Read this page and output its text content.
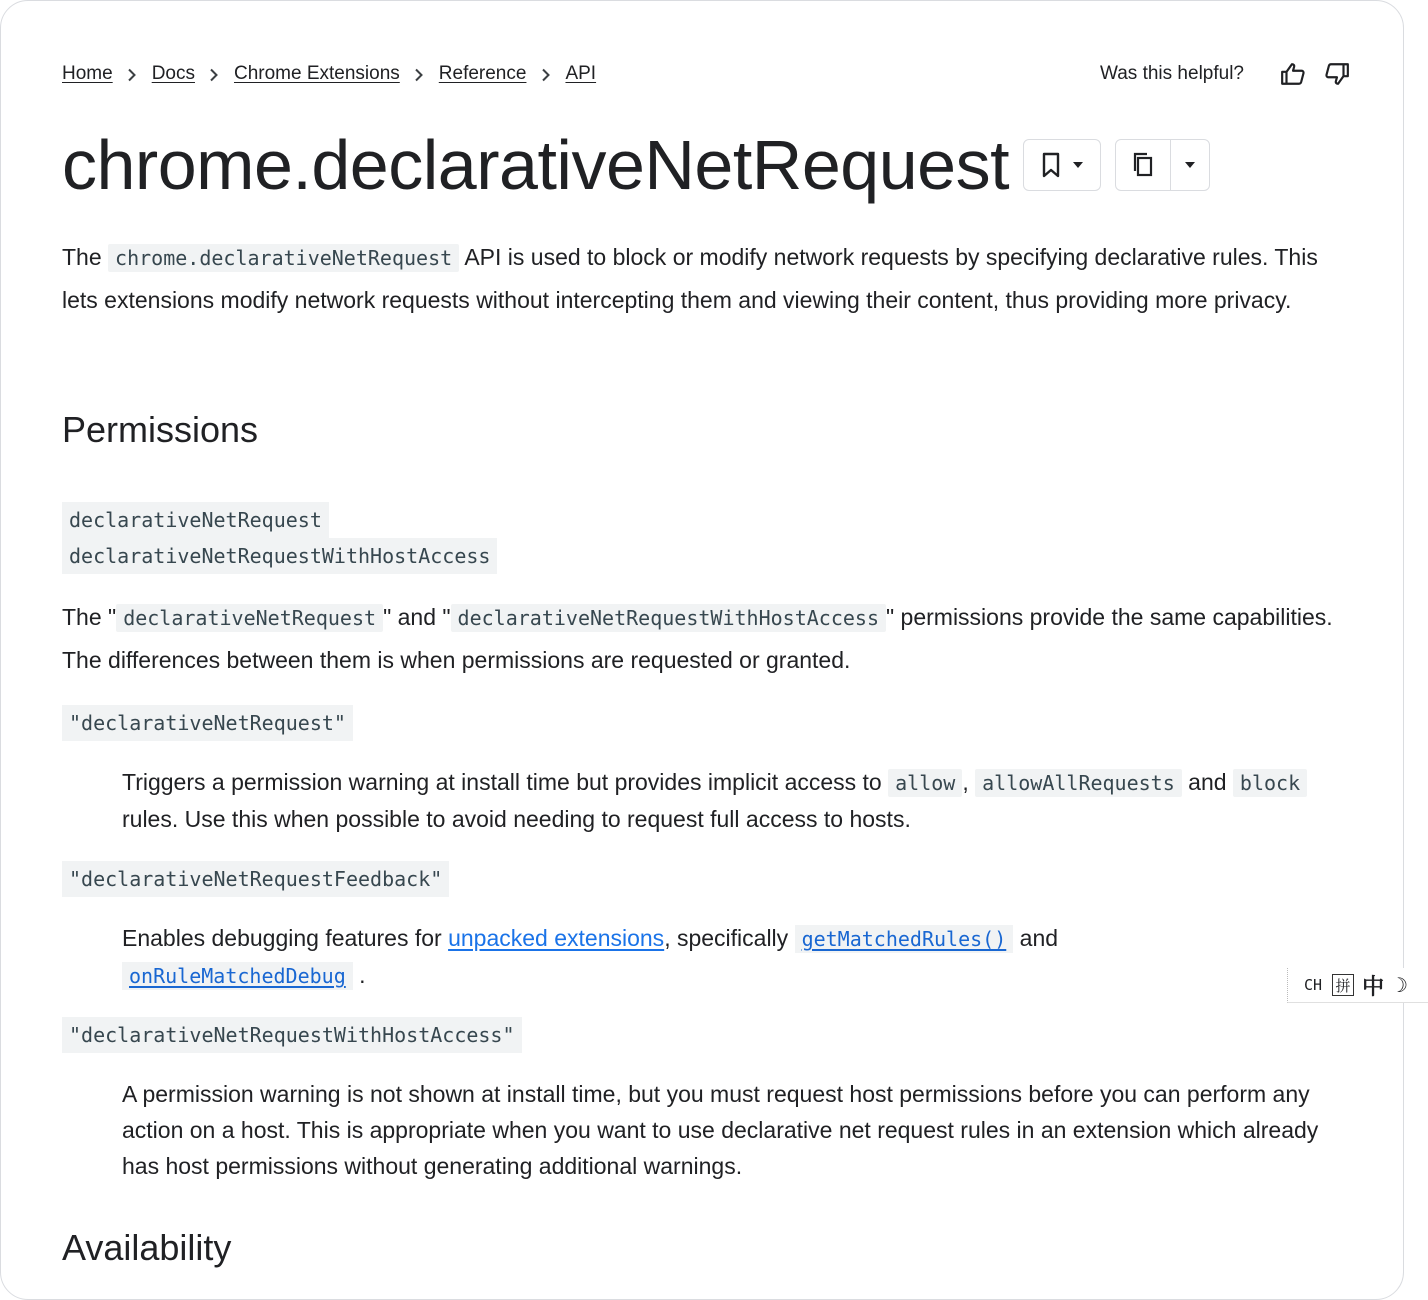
Home Docs Chrome Extensions Reference API	Was this helpful?
chrome.declarativeNetRequest

The chrome.declarativeNetRequest API is used to block or modify network requests by specifying declarative rules. This lets extensions modify network requests without intercepting them and viewing their content, thus providing more privacy.

Permissions
declarativeNetRequest
declarativeNetRequestWithHostAccess

The " declarativeNetRequest " and " declarativeNetRequestWithHostAccess " permissions provide the same capabilities. The differences between them is when permissions are requested or granted.

"declarativeNetRequest"
Triggers a permission warning at install time but provides implicit access to allow , allowAllRequests and block rules. Use this when possible to avoid needing to request full access to hosts.
"declarativeNetRequestFeedback"
Enables debugging features for unpacked extensions, specifically getMatchedRules() and
onRuleMatchedDebug .
"declarativeNetRequestWithHostAccess"
A permission warning is not shown at install time, but you must request host permissions before you can perform any action on a host. This is appropriate when you want to use declarative net request rules in an extension which already has host permissions without generating additional warnings.
Availability
CH 拼 中 ☽
